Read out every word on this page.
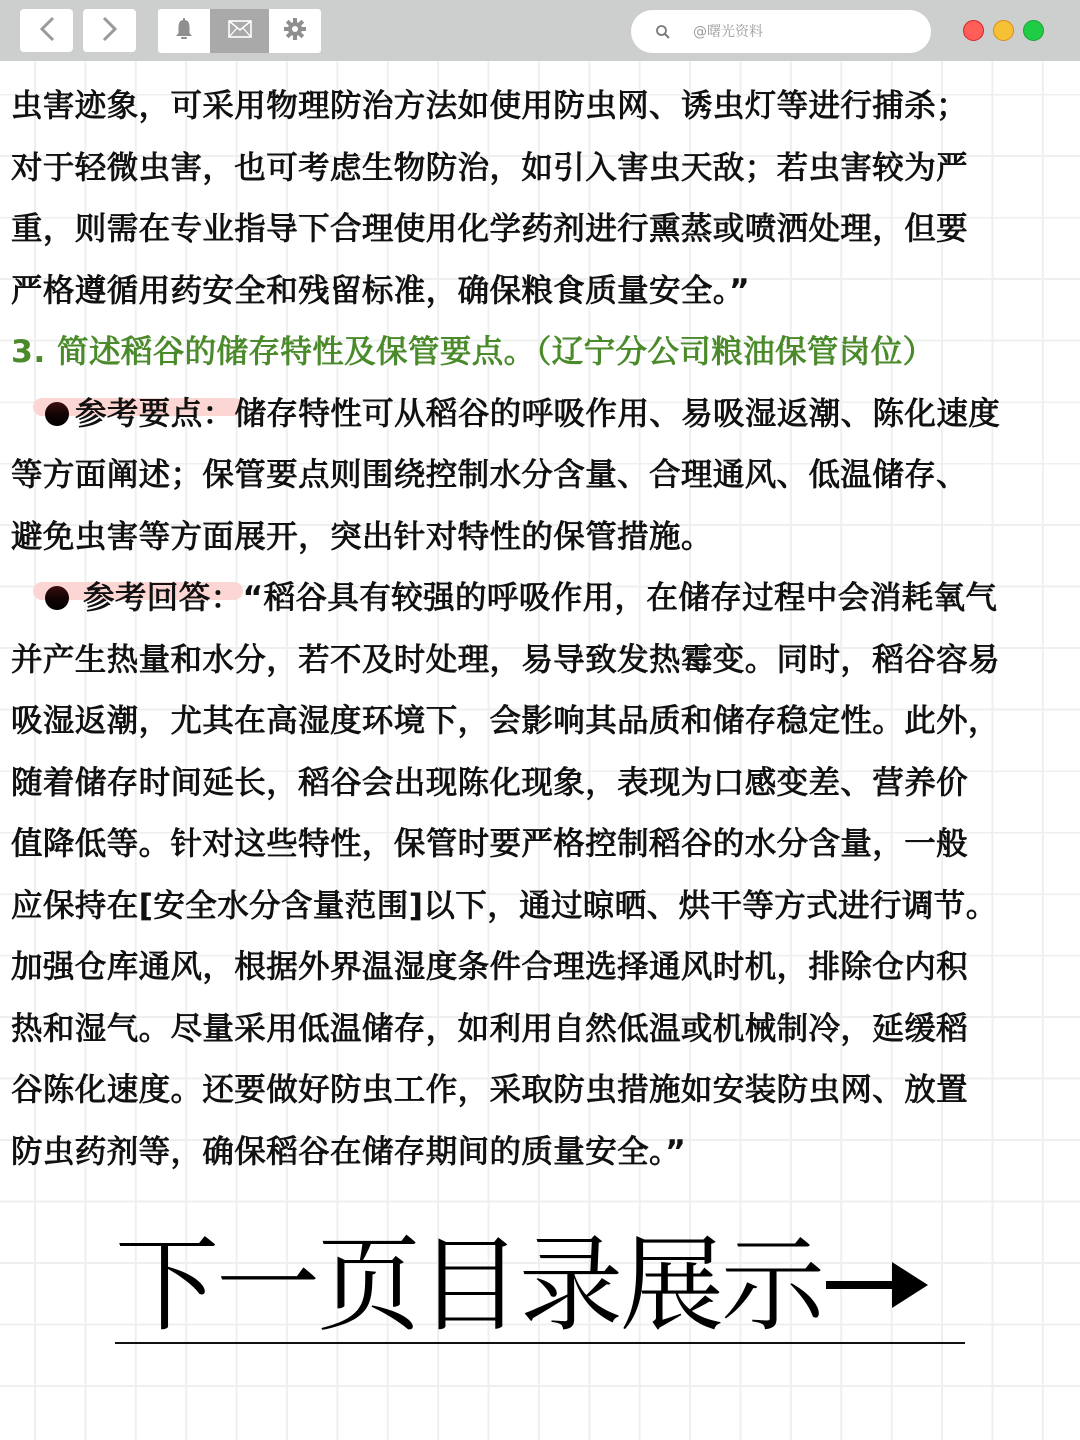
@曙光资料
虫害迹象，可采用物理防治方法如使用防虫网、诱虫灯等进行捕杀；
对于轻微虫害，也可考虑生物防治，如引入害虫天敌；若虫害较为严
重，则需在专业指导下合理使用化学药剂进行熏蒸或喷洒处理，但要
严格遵循用药安全和残留标准，确保粮食质量安全。”
3. 简述稻谷的储存特性及保管要点。（辽宁分公司粮油保管岗位）
参考要点：储存特性可从稻谷的呼吸作用、易吸湿返潮、陈化速度
等方面阐述；保管要点则围绕控制水分含量、合理通风、低温储存、
避免虫害等方面展开，突出针对特性的保管措施。
参考回答：“稻谷具有较强的呼吸作用，在储存过程中会消耗氧气
并产生热量和水分，若不及时处理，易导致发热霉变。同时，稻谷容易
吸湿返潮，尤其在高湿度环境下，会影响其品质和储存稳定性。此外，
随着储存时间延长，稻谷会出现陈化现象，表现为口感变差、营养价
值降低等。针对这些特性，保管时要严格控制稻谷的水分含量，一般
应保持在[安全水分含量范围]以下，通过晾晒、烘干等方式进行调节。
加强仓库通风，根据外界温湿度条件合理选择通风时机，排除仓内积
热和湿气。尽量采用低温储存，如利用自然低温或机械制冷，延缓稻
谷陈化速度。还要做好防虫工作，采取防虫措施如安装防虫网、放置
防虫药剂等，确保稻谷在储存期间的质量安全。”
下一页目录展示
